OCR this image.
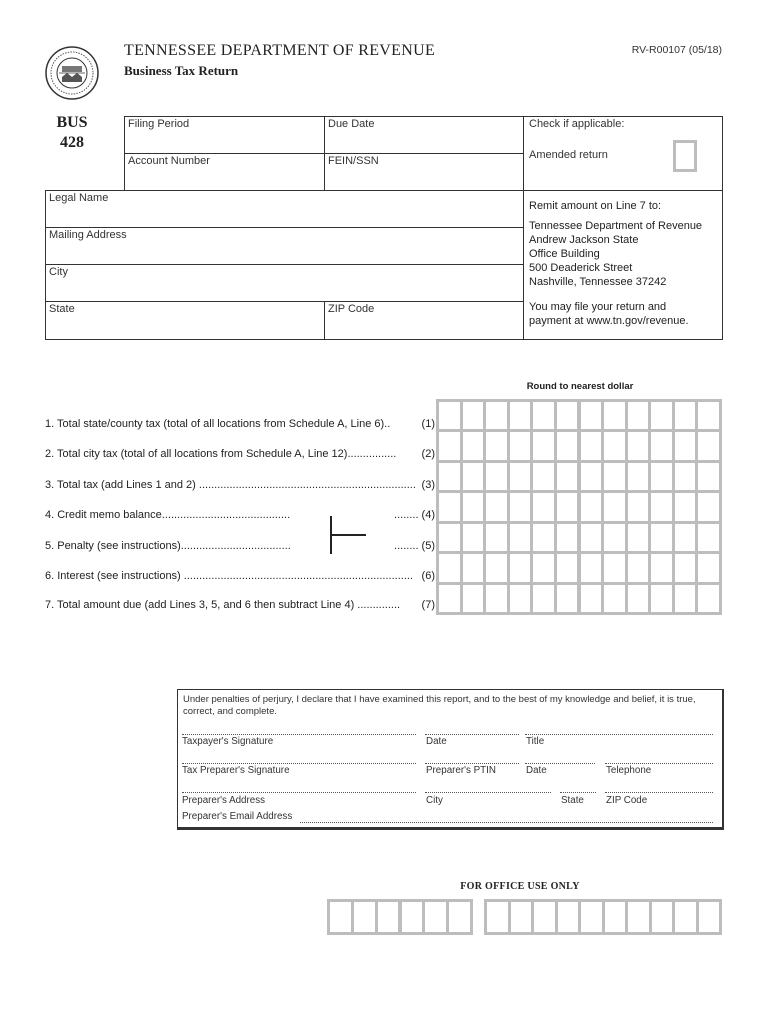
TENNESSEE DEPARTMENT OF REVENUE
Business Tax Return
RV-R00107 (05/18)
BUS
428
Filing Period	Due Date
Account Number	FEIN/SSN
Check if applicable:
Amended return
Legal Name
Mailing Address
City
State	ZIP Code

Remit amount on Line 7 to:

Tennessee Department of Revenue

Andrew Jackson State

Office Building

500 Deaderick Street

Nashville, Tennessee 37242

You may file your return and

payment at www.tn.gov/revenue.

Round to nearest dollar
1. Total state/county tax (total of all locations from Schedule A, Line 6)..	(1)
2. Total city tax (total of all locations from Schedule A, Line 12)................ (2)
3. Total tax (add Lines 1 and 2) ....................................................................... (3)
4. Credit memo balance..........................................	........ (4)
5. Penalty (see instructions)....................................	........ (5)
6. Interest (see instructions) ........................................................................... (6)
7. Total amount due (add Lines 3, 5, and 6 then subtract Line 4) .............. (7)
Under penalties of perjury, I declare that I have examined this report, and to the best of my knowledge and belief, it is true, correct, and complete.
Taxpayer's Signature	Date	Title
Tax Preparer's Signature	Preparer's PTIN	Date	Telephone
Preparer's Address	City	State ZIP Code
Preparer's Email Address
FOR OFFICE USE ONLY
